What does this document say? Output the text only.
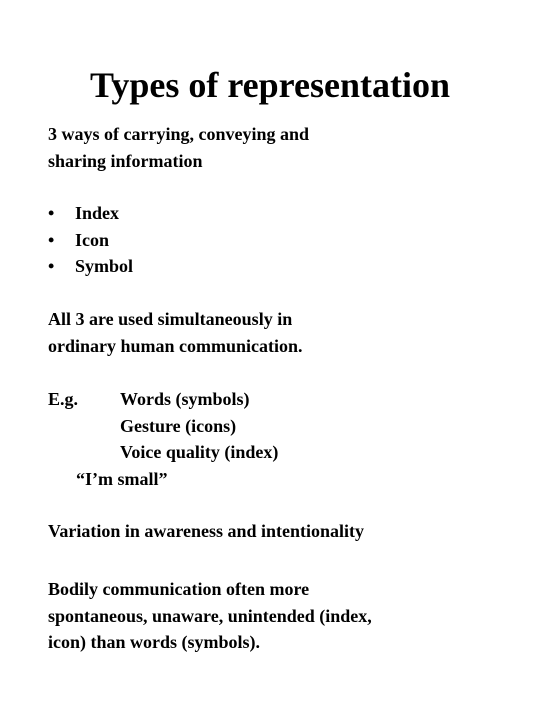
Types of representation
3 ways of carrying, conveying and
sharing information
• Index
• Icon
• Symbol
All 3 are used simultaneously in
ordinary human communication.
E.g. Words (symbols)
Gesture (icons)
Voice quality (index)
“I’m small”
Variation in awareness and intentionality
Bodily communication often more
spontaneous, unaware, unintended (index,
icon) than words (symbols).
